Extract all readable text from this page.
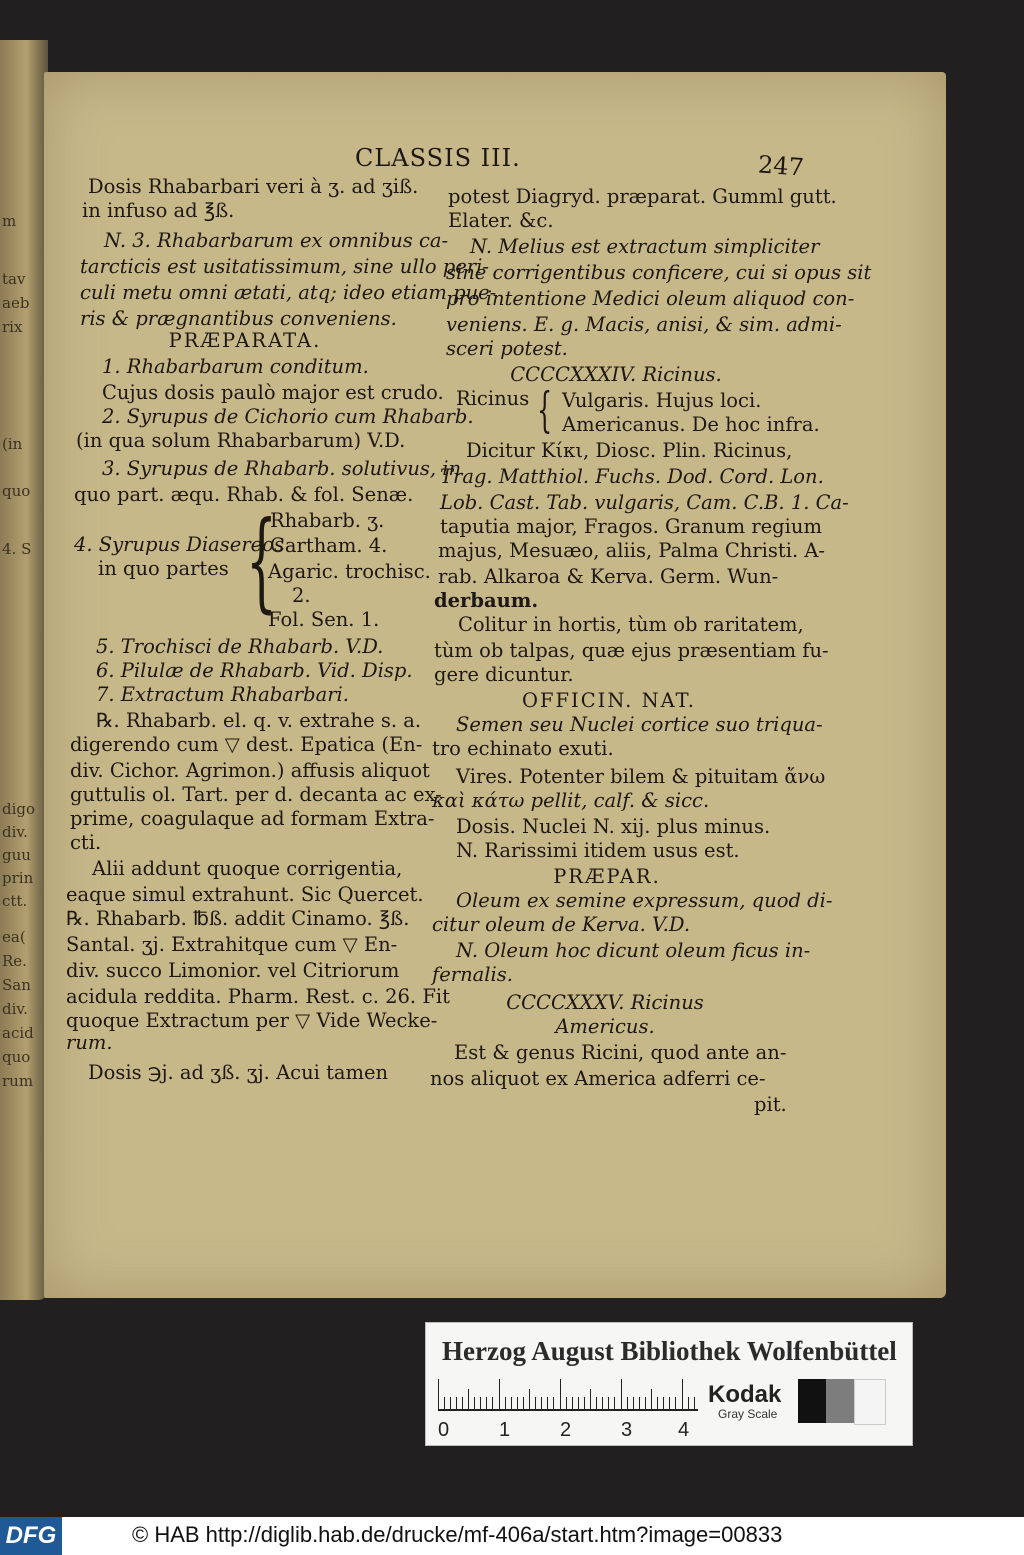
m
tav
aeb
rix
(in
quo
4. S
digo
div.
guu
prin
ctt.
ea(
Re.
San
div.
acid
quo
rum
CLASSIS III.	247
Dosis Rhabarbari veri à ʒ. ad ʒiß.
in infuso ad ℥ß.
N. 3. Rhabarbarum ex omnibus ca-
tarcticis est usitatissimum, sine ullo peri-
culi metu omni ætati, atq; ideo etiam pue-
ris & prægnantibus conveniens.
PRÆPARATA.
1. Rhabarbarum conditum.
Cujus dosis paulò major est crudo.
2. Syrupus de Cichorio cum Rhabarb.
(in qua solum Rhabarbarum) V.D.
3. Syrupus de Rhabarb. solutivus, in
quo part. æqu. Rhab. & fol. Senæ.
4. Syrupus Diasereos
in quo partes {
Rhabarb. ʒ.
Cartham. 4.
Agaric. trochisc.
2.
Fol. Sen. 1.
5. Trochisci de Rhabarb. V.D.
6. Pilulæ de Rhabarb. Vid. Disp.
7. Extractum Rhabarbari.
℞. Rhabarb. el. q. v. extrahe s. a.
digerendo cum ▽ dest. Epatica (En-
div. Cichor. Agrimon.) affusis aliquot
guttulis ol. Tart. per d. decanta ac ex-
prime, coagulaque ad formam Extra-
cti.
Alii addunt quoque corrigentia,
eaque simul extrahunt. Sic Quercet.
℞. Rhabarb. ℔ß. addit Cinamo. ℥ß.
Santal. ʒj. Extrahitque cum ▽ En-
div. succo Limonior. vel Citriorum
acidula reddita. Pharm. Rest. c. 26. Fit
quoque Extractum per ▽ Vide Wecke-
rum.
Dosis ℈j. ad ʒß. ʒj. Acui tamen
potest Diagryd. præparat. Gumml gutt.
Elater. &c.
N. Melius est extractum simpliciter
sine corrigentibus conficere, cui si opus sit
pro intentione Medici oleum aliquod con-
veniens. E. g. Macis, anisi, & sim. admi-
sceri potest.
CCCCXXXIV. Ricinus.
Ricinus { Vulgaris. Hujus loci.
Americanus. De hoc infra.
Dicitur Κίκι, Diosc. Plin. Ricinus,
Trag. Matthiol. Fuchs. Dod. Cord. Lon.
Lob. Cast. Tab. vulgaris, Cam. C.B. 1. Ca-
taputia major, Fragos. Granum regium
majus, Mesuæo, aliis, Palma Christi. A-
rab. Alkaroa & Kerva. Germ. Wun-
derbaum.
Colitur in hortis, tùm ob raritatem,
tùm ob talpas, quæ ejus præsentiam fu-
gere dicuntur.
OFFICIN. NAT.
Semen seu Nuclei cortice suo triqua-
tro echinato exuti.
Vires. Potenter bilem & pituitam ἄνω
καὶ κάτω pellit, calf. & sicc.
Dosis. Nuclei N. xij. plus minus.
N. Rarissimi itidem usus est.
PRÆPAR.
Oleum ex semine expressum, quod di-
citur oleum de Kerva. V.D.
N. Oleum hoc dicunt oleum ficus in-
fernalis.
CCCCXXXV. Ricinus
Americus.
Est & genus Ricini, quod ante an-
nos aliquot ex America adferri ce-
pit.
Herzog August Bibliothek Wolfenbüttel
0 1 2 3 4
Kodak
Gray Scale
DFG	© HAB http://diglib.hab.de/drucke/mf-406a/start.htm?image=00833
